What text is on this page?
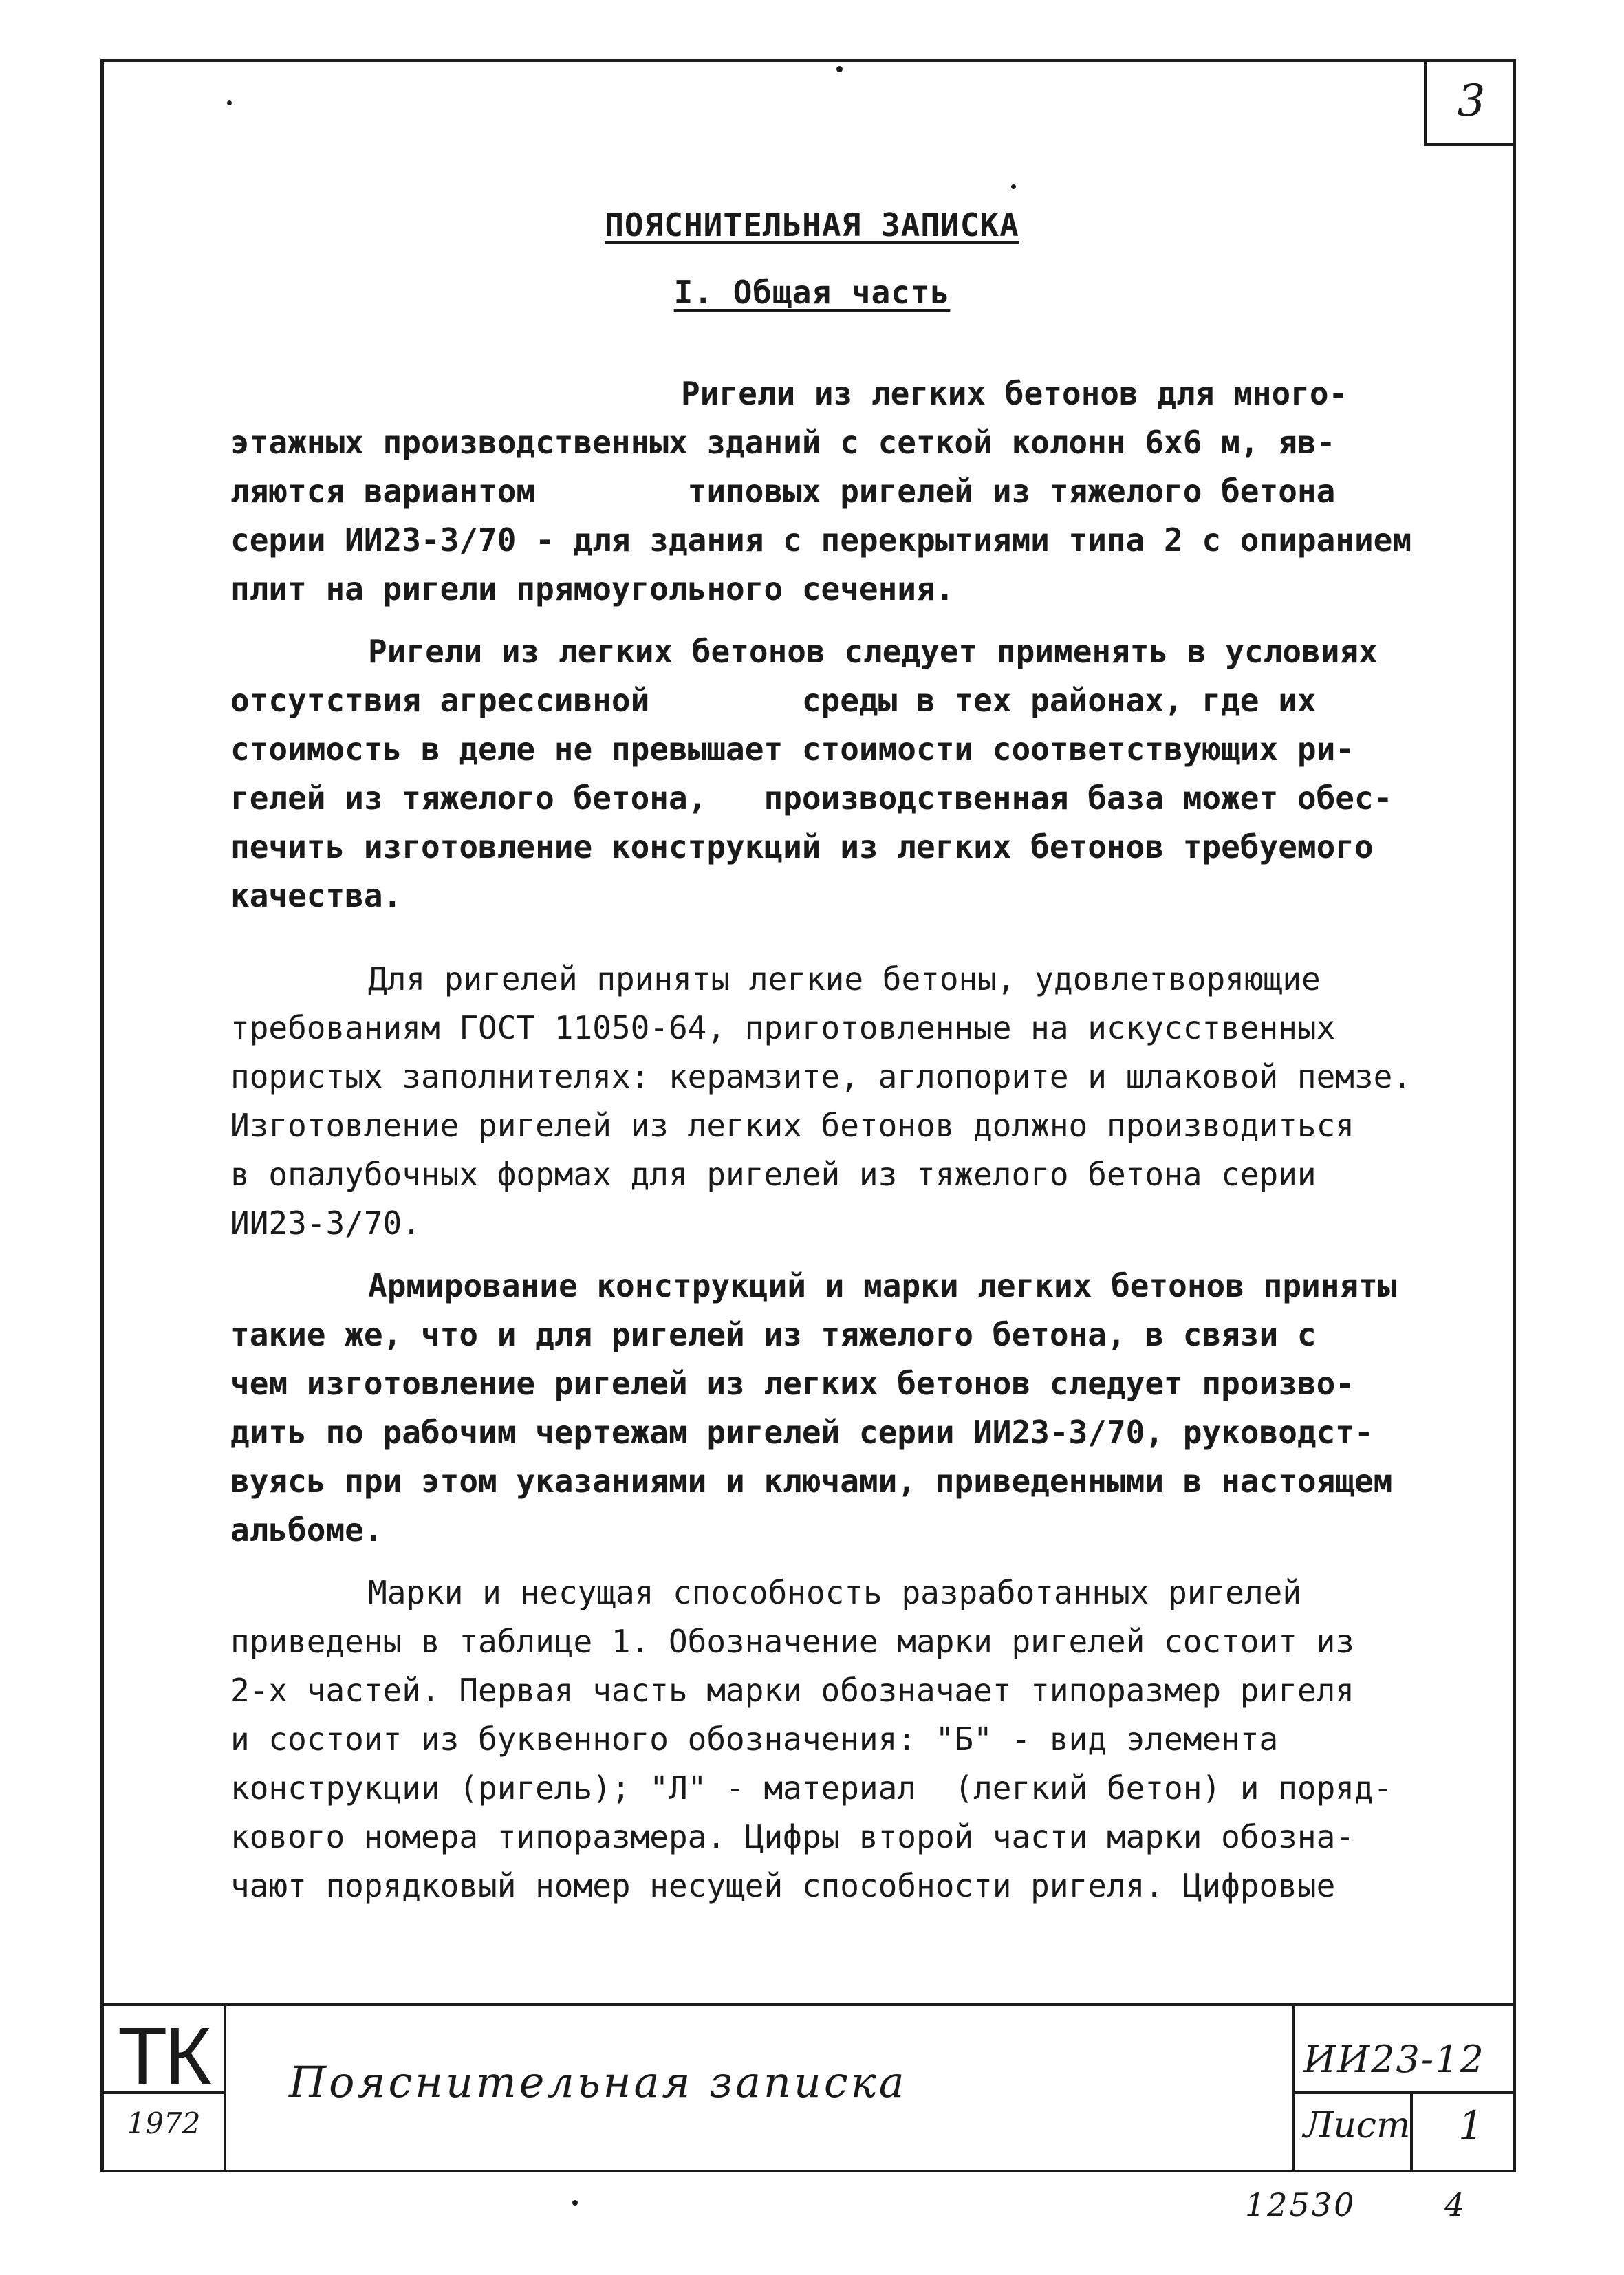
3
ПОЯСНИТЕЛЬНАЯ ЗАПИСКА
I. Общая часть
Ригели из легких бетонов для много-
этажных производственных зданий с сеткой колонн 6х6 м, яв-
ляются вариантом        типовых ригелей из тяжелого бетона
серии ИИ23-3/70 - для здания с перекрытиями типа 2 с опиранием
плит на ригели прямоугольного сечения.
Ригели из легких бетонов следует применять в условиях
отсутствия агрессивной        среды в тех районах, где их
стоимость в деле не превышает стоимости соответствующих ри-
гелей из тяжелого бетона,   производственная база может обес-
печить изготовление конструкций из легких бетонов требуемого
качества.
Для ригелей приняты легкие бетоны, удовлетворяющие
требованиям ГОСТ 11050-64, приготовленные на искусственных
пористых заполнителях: керамзите, аглопорите и шлаковой пемзе.
Изготовление ригелей из легких бетонов должно производиться
в опалубочных формах для ригелей из тяжелого бетона серии
ИИ23-3/70.
Армирование конструкций и марки легких бетонов приняты
такие же, что и для ригелей из тяжелого бетона, в связи с
чем изготовление ригелей из легких бетонов следует произво-
дить по рабочим чертежам ригелей серии ИИ23-3/70, руководст-
вуясь при этом указаниями и ключами, приведенными в настоящем
альбоме.
Марки и несущая способность разработанных ригелей
приведены в таблице 1. Обозначение марки ригелей состоит из
2-х частей. Первая часть марки обозначает типоразмер ригеля
и состоит из буквенного обозначения: "Б" - вид элемента
конструкции (ригель); "Л" - материал  (легкий бетон) и поряд-
кового номера типоразмера. Цифры второй части марки обозна-
чают порядковый номер несущей способности ригеля. Цифровые
ТК
1972
Пояснительная записка	ИИ23-12
Лист 1
12530	4
